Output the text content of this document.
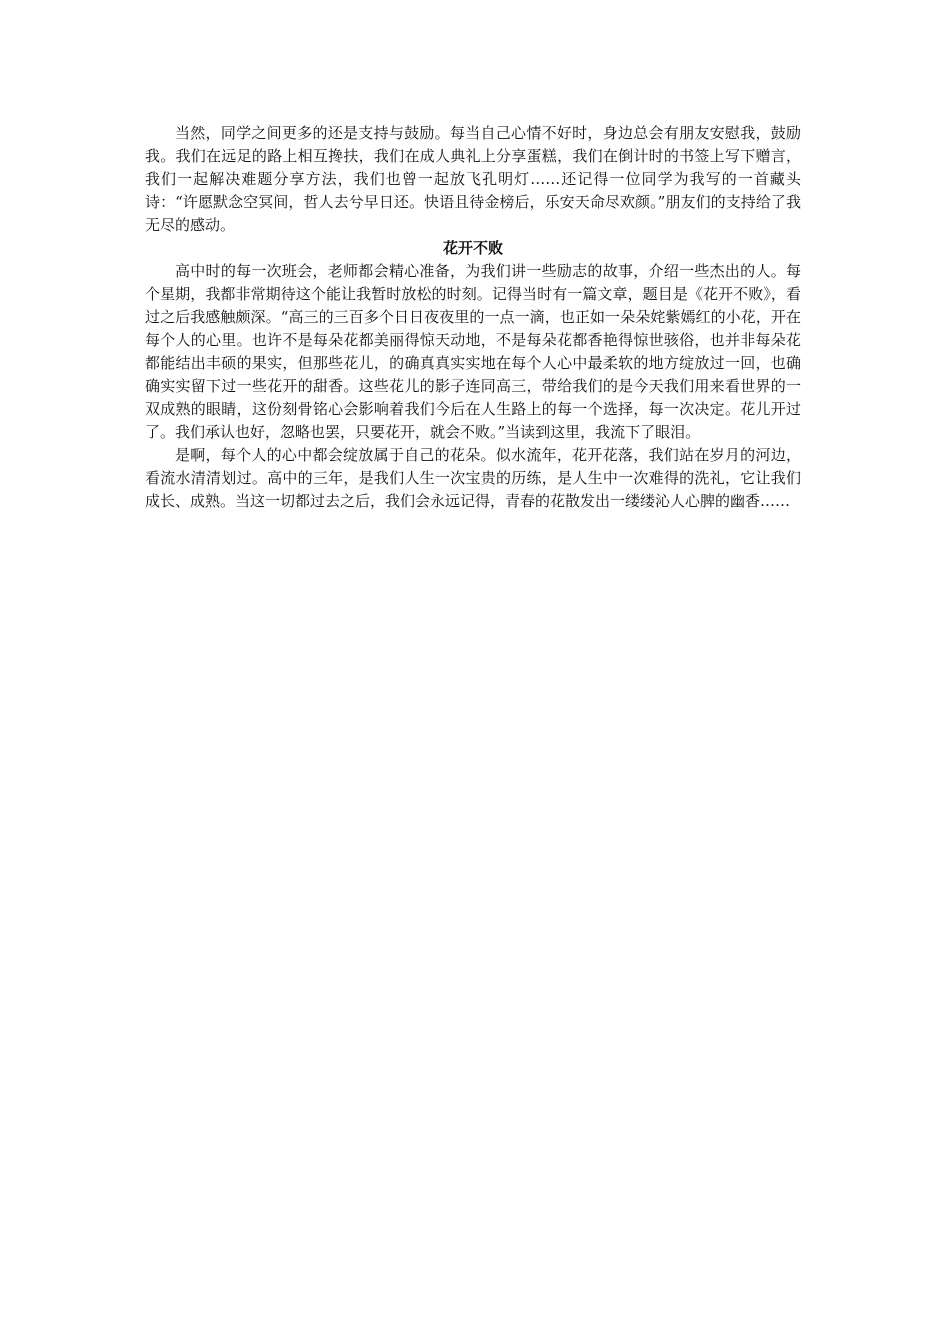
当然，同学之间更多的还是支持与鼓励。每当自己心情不好时，身边总会有朋友安慰我，鼓励我。我们在远足的路上相互搀扶，我们在成人典礼上分享蛋糕，我们在倒计时的书签上写下赠言，我们一起解决难题分享方法，我们也曾一起放飞孔明灯……还记得一位同学为我写的一首藏头诗：“许愿默念空冥间，哲人去兮早日还。快语且待金榜后，乐安天命尽欢颜。”朋友们的支持给了我无尽的感动。

花开不败

高中时的每一次班会，老师都会精心准备，为我们讲一些励志的故事，介绍一些杰出的人。每个星期，我都非常期待这个能让我暂时放松的时刻。记得当时有一篇文章，题目是《花开不败》，看过之后我感触颇深。“高三的三百多个日日夜夜里的一点一滴，也正如一朵朵姹紫嫣红的小花，开在每个人的心里。也许不是每朵花都美丽得惊天动地，不是每朵花都香艳得惊世骇俗，也并非每朵花都能结出丰硕的果实，但那些花儿，的确真真实实地在每个人心中最柔软的地方绽放过一回，也确确实实留下过一些花开的甜香。这些花儿的影子连同高三，带给我们的是今天我们用来看世界的一双成熟的眼睛，这份刻骨铭心会影响着我们今后在人生路上的每一个选择，每一次决定。花儿开过了。我们承认也好，忽略也罢，只要花开，就会不败。”当读到这里，我流下了眼泪。

是啊，每个人的心中都会绽放属于自己的花朵。似水流年，花开花落，我们站在岁月的河边，看流水清清划过。高中的三年，是我们人生一次宝贵的历练，是人生中一次难得的洗礼，它让我们成长、成熟。当这一切都过去之后，我们会永远记得，青春的花散发出一缕缕沁人心脾的幽香……
